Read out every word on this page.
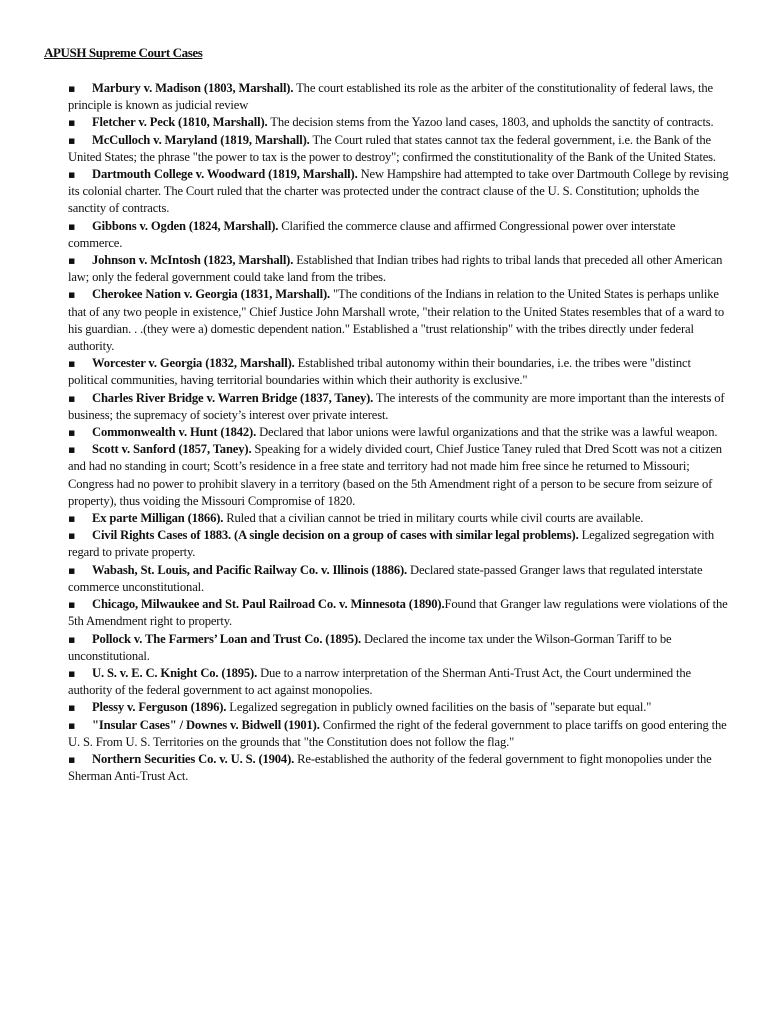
APUSH Supreme Court Cases
▪ Marbury v. Madison (1803, Marshall). The court established its role as the arbiter of the constitutionality of federal laws, the principle is known as judicial review
▪ Fletcher v. Peck (1810, Marshall). The decision stems from the Yazoo land cases, 1803, and upholds the sanctity of contracts.
▪ McCulloch v. Maryland (1819, Marshall). The Court ruled that states cannot tax the federal government, i.e. the Bank of the United States; the phrase "the power to tax is the power to destroy"; confirmed the constitutionality of the Bank of the United States.
▪ Dartmouth College v. Woodward (1819, Marshall). New Hampshire had attempted to take over Dartmouth College by revising its colonial charter. The Court ruled that the charter was protected under the contract clause of the U. S. Constitution; upholds the sanctity of contracts.
▪ Gibbons v. Ogden (1824, Marshall). Clarified the commerce clause and affirmed Congressional power over interstate commerce.
▪ Johnson v. McIntosh (1823, Marshall). Established that Indian tribes had rights to tribal lands that preceded all other American law; only the federal government could take land from the tribes.
▪ Cherokee Nation v. Georgia (1831, Marshall). "The conditions of the Indians in relation to the United States is perhaps unlike that of any two people in existence," Chief Justice John Marshall wrote, "their relation to the United States resembles that of a ward to his guardian. . .(they were a) domestic dependent nation." Established a "trust relationship" with the tribes directly under federal authority.
▪ Worcester v. Georgia (1832, Marshall). Established tribal autonomy within their boundaries, i.e. the tribes were "distinct political communities, having territorial boundaries within which their authority is exclusive."
▪ Charles River Bridge v. Warren Bridge (1837, Taney). The interests of the community are more important than the interests of business; the supremacy of society’s interest over private interest.
▪ Commonwealth v. Hunt (1842). Declared that labor unions were lawful organizations and that the strike was a lawful weapon.
▪ Scott v. Sanford (1857, Taney). Speaking for a widely divided court, Chief Justice Taney ruled that Dred Scott was not a citizen and had no standing in court; Scott’s residence in a free state and territory had not made him free since he returned to Missouri; Congress had no power to prohibit slavery in a territory (based on the 5th Amendment right of a person to be secure from seizure of property), thus voiding the Missouri Compromise of 1820.
▪ Ex parte Milligan (1866). Ruled that a civilian cannot be tried in military courts while civil courts are available.
▪ Civil Rights Cases of 1883. (A single decision on a group of cases with similar legal problems). Legalized segregation with regard to private property.
▪ Wabash, St. Louis, and Pacific Railway Co. v. Illinois (1886). Declared state-passed Granger laws that regulated interstate commerce unconstitutional.
▪ Chicago, Milwaukee and St. Paul Railroad Co. v. Minnesota (1890).Found that Granger law regulations were violations of the 5th Amendment right to property.
▪ Pollock v. The Farmers’ Loan and Trust Co. (1895). Declared the income tax under the Wilson-Gorman Tariff to be unconstitutional.
▪ U. S. v. E. C. Knight Co. (1895). Due to a narrow interpretation of the Sherman Anti-Trust Act, the Court undermined the authority of the federal government to act against monopolies.
▪ Plessy v. Ferguson (1896). Legalized segregation in publicly owned facilities on the basis of "separate but equal."
▪ "Insular Cases" / Downes v. Bidwell (1901). Confirmed the right of the federal government to place tariffs on good entering the U. S. From U. S. Territories on the grounds that "the Constitution does not follow the flag."
▪ Northern Securities Co. v. U. S. (1904). Re-established the authority of the federal government to fight monopolies under the Sherman Anti-Trust Act.
